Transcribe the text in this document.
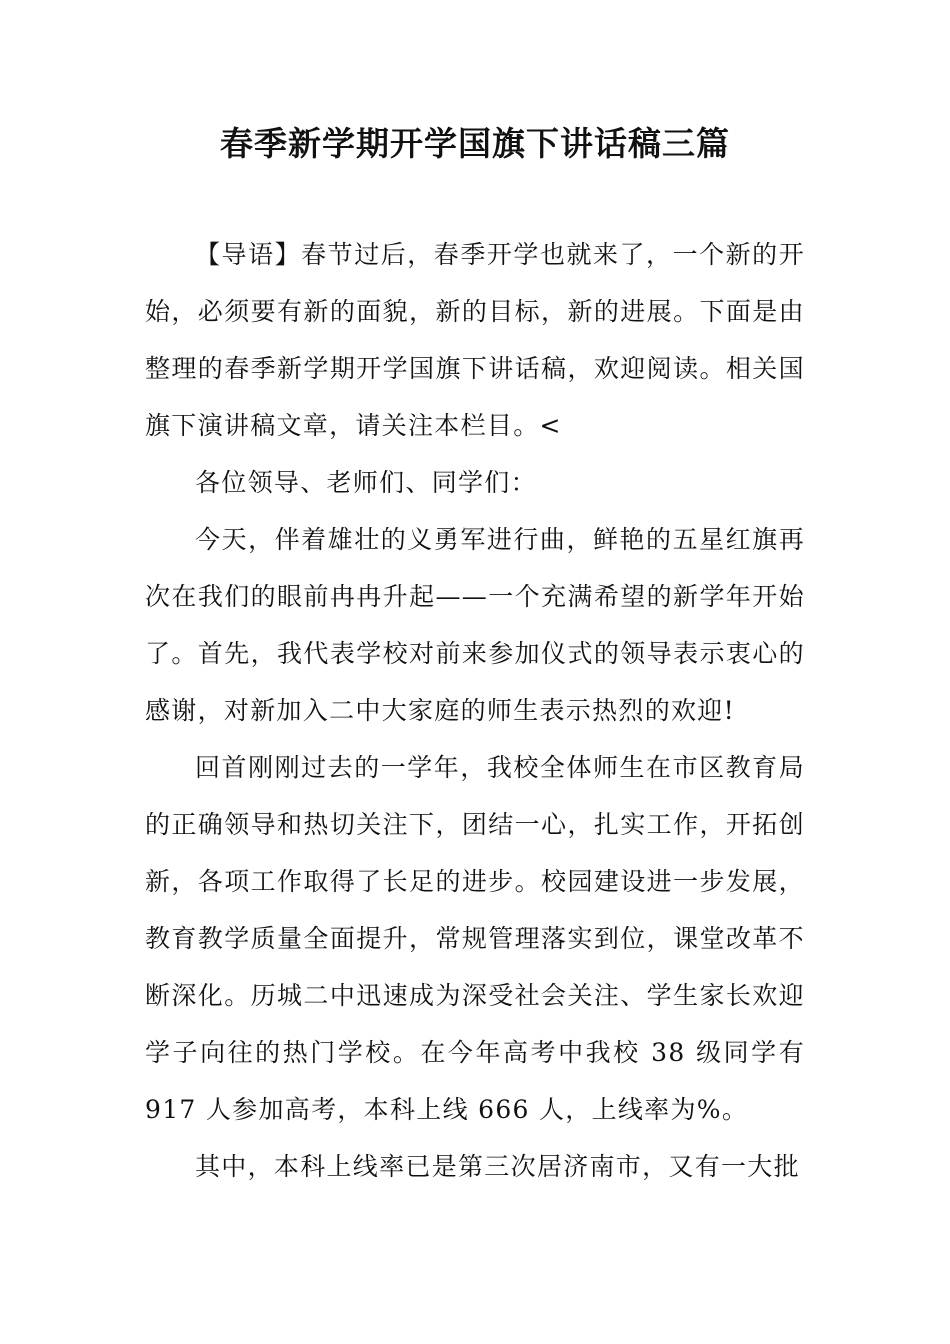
春季新学期开学国旗下讲话稿三篇

【导语】春节过后，春季开学也就来了，一个新的开始，必须要有新的面貌，新的目标，新的进展。下面是由整理的春季新学期开学国旗下讲话稿，欢迎阅读。相关国旗下演讲稿文章，请关注本栏目。<

各位领导、老师们、同学们：

今天，伴着雄壮的义勇军进行曲，鲜艳的五星红旗再次在我们的眼前冉冉升起——一个充满希望的新学年开始了。首先，我代表学校对前来参加仪式的领导表示衷心的感谢，对新加入二中大家庭的师生表示热烈的欢迎!

回首刚刚过去的一学年，我校全体师生在市区教育局的正确领导和热切关注下，团结一心，扎实工作，开拓创新，各项工作取得了长足的进步。校园建设进一步发展，教育教学质量全面提升，常规管理落实到位，课堂改革不断深化。历城二中迅速成为深受社会关注、学生家长欢迎学子向往的热门学校。在今年高考中我校 38 级同学有 917 人参加高考，本科上线 666 人，上线率为%。

其中，本科上线率已是第三次居济南市，又有一大批
